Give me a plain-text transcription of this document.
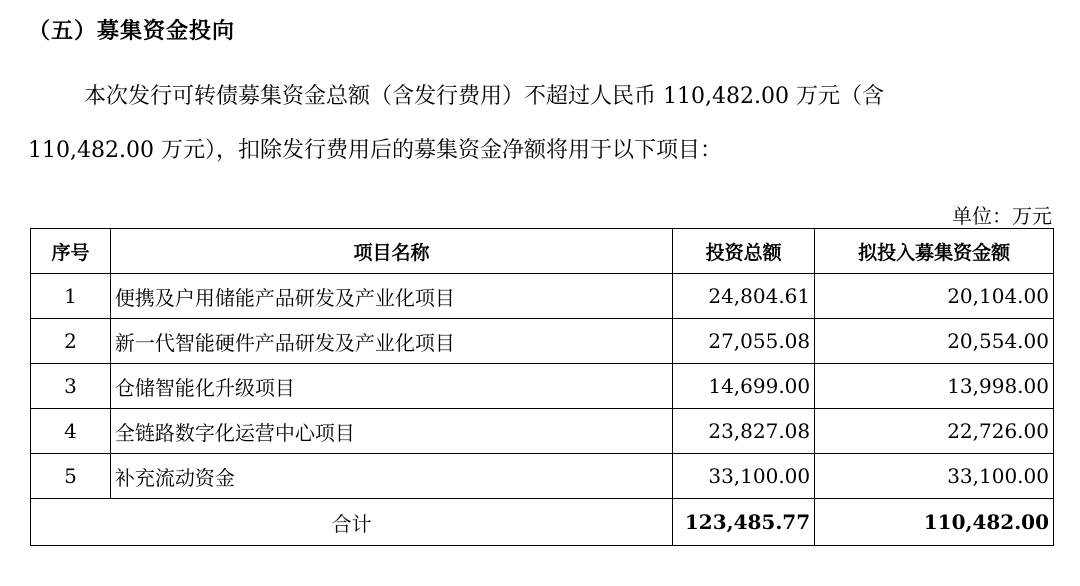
（五）募集资金投向
本次发行可转债募集资金总额（含发行费用）不超过人民币 110,482.00 万元（含
110,482.00 万元），扣除发行费用后的募集资金净额将用于以下项目：
单位：万元
序号	项目名称	投资总额	拟投入募集资金额
1	便携及户用储能产品研发及产业化项目	24,804.61	20,104.00
2	新一代智能硬件产品研发及产业化项目	27,055.08	20,554.00
3	仓储智能化升级项目	14,699.00	13,998.00
4	全链路数字化运营中心项目	23,827.08	22,726.00
5	补充流动资金	33,100.00	33,100.00
合计		123,485.77	110,482.00
